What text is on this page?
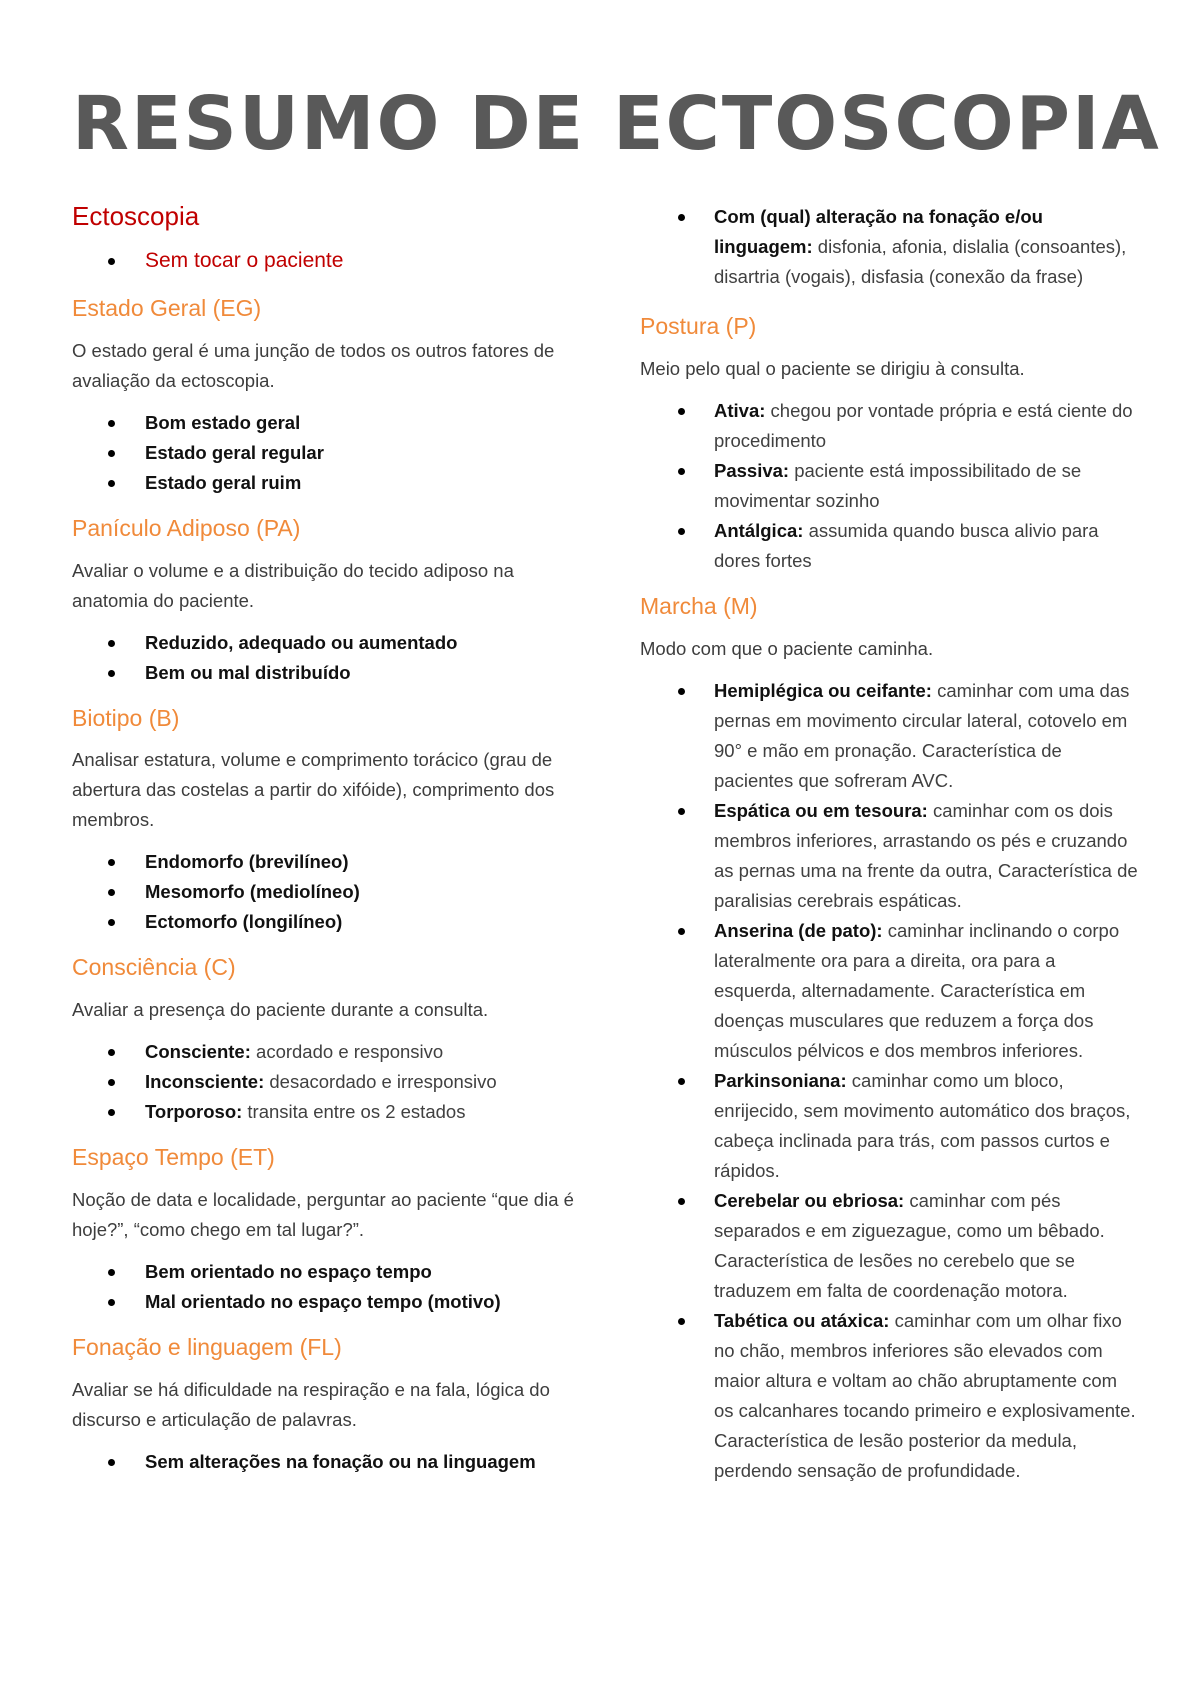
RESUMO DE ECTOSCOPIA
Ectoscopia
Sem tocar o paciente
Estado Geral (EG)

O estado geral é uma junção de todos os outros fatores de avaliação da ectoscopia.

Bom estado geral
Estado geral regular
Estado geral ruim
Panículo Adiposo (PA)

Avaliar o volume e a distribuição do tecido adiposo na anatomia do paciente.

Reduzido, adequado ou aumentado
Bem ou mal distribuído
Biotipo (B)

Analisar estatura, volume e comprimento torácico (grau de abertura das costelas a partir do xifóide), comprimento dos membros.

Endomorfo (brevilíneo)
Mesomorfo (mediolíneo)
Ectomorfo (longilíneo)
Consciência (C)

Avaliar a presença do paciente durante a consulta.

Consciente: acordado e responsivo
Inconsciente: desacordado e irresponsivo
Torporoso: transita entre os 2 estados
Espaço Tempo (ET)

Noção de data e localidade, perguntar ao paciente “que dia é hoje?”, “como chego em tal lugar?”.

Bem orientado no espaço tempo
Mal orientado no espaço tempo (motivo)
Fonação e linguagem (FL)

Avaliar se há dificuldade na respiração e na fala, lógica do discurso e articulação de palavras.

Sem alterações na fonação ou na linguagem
Com (qual) alteração na fonação e/ou linguagem: disfonia, afonia, dislalia (consoantes), disartria (vogais), disfasia (conexão da frase)
Postura (P)

Meio pelo qual o paciente se dirigiu à consulta.

Ativa: chegou por vontade própria e está ciente do procedimento
Passiva: paciente está impossibilitado de se movimentar sozinho
Antálgica: assumida quando busca alivio para dores fortes
Marcha (M)

Modo com que o paciente caminha.

Hemiplégica ou ceifante: caminhar com uma das pernas em movimento circular lateral, cotovelo em 90° e mão em pronação. Característica de pacientes que sofreram AVC.
Espática ou em tesoura: caminhar com os dois membros inferiores, arrastando os pés e cruzando as pernas uma na frente da outra, Característica de paralisias cerebrais espáticas.
Anserina (de pato): caminhar inclinando o corpo lateralmente ora para a direita, ora para a esquerda, alternadamente. Característica em doenças musculares que reduzem a força dos músculos pélvicos e dos membros inferiores.
Parkinsoniana: caminhar como um bloco, enrijecido, sem movimento automático dos braços, cabeça inclinada para trás, com passos curtos e rápidos.
Cerebelar ou ebriosa: caminhar com pés separados e em ziguezague, como um bêbado. Característica de lesões no cerebelo que se traduzem em falta de coordenação motora.
Tabética ou atáxica: caminhar com um olhar fixo no chão, membros inferiores são elevados com maior altura e voltam ao chão abruptamente com os calcanhares tocando primeiro e explosivamente. Característica de lesão posterior da medula, perdendo sensação de profundidade.
